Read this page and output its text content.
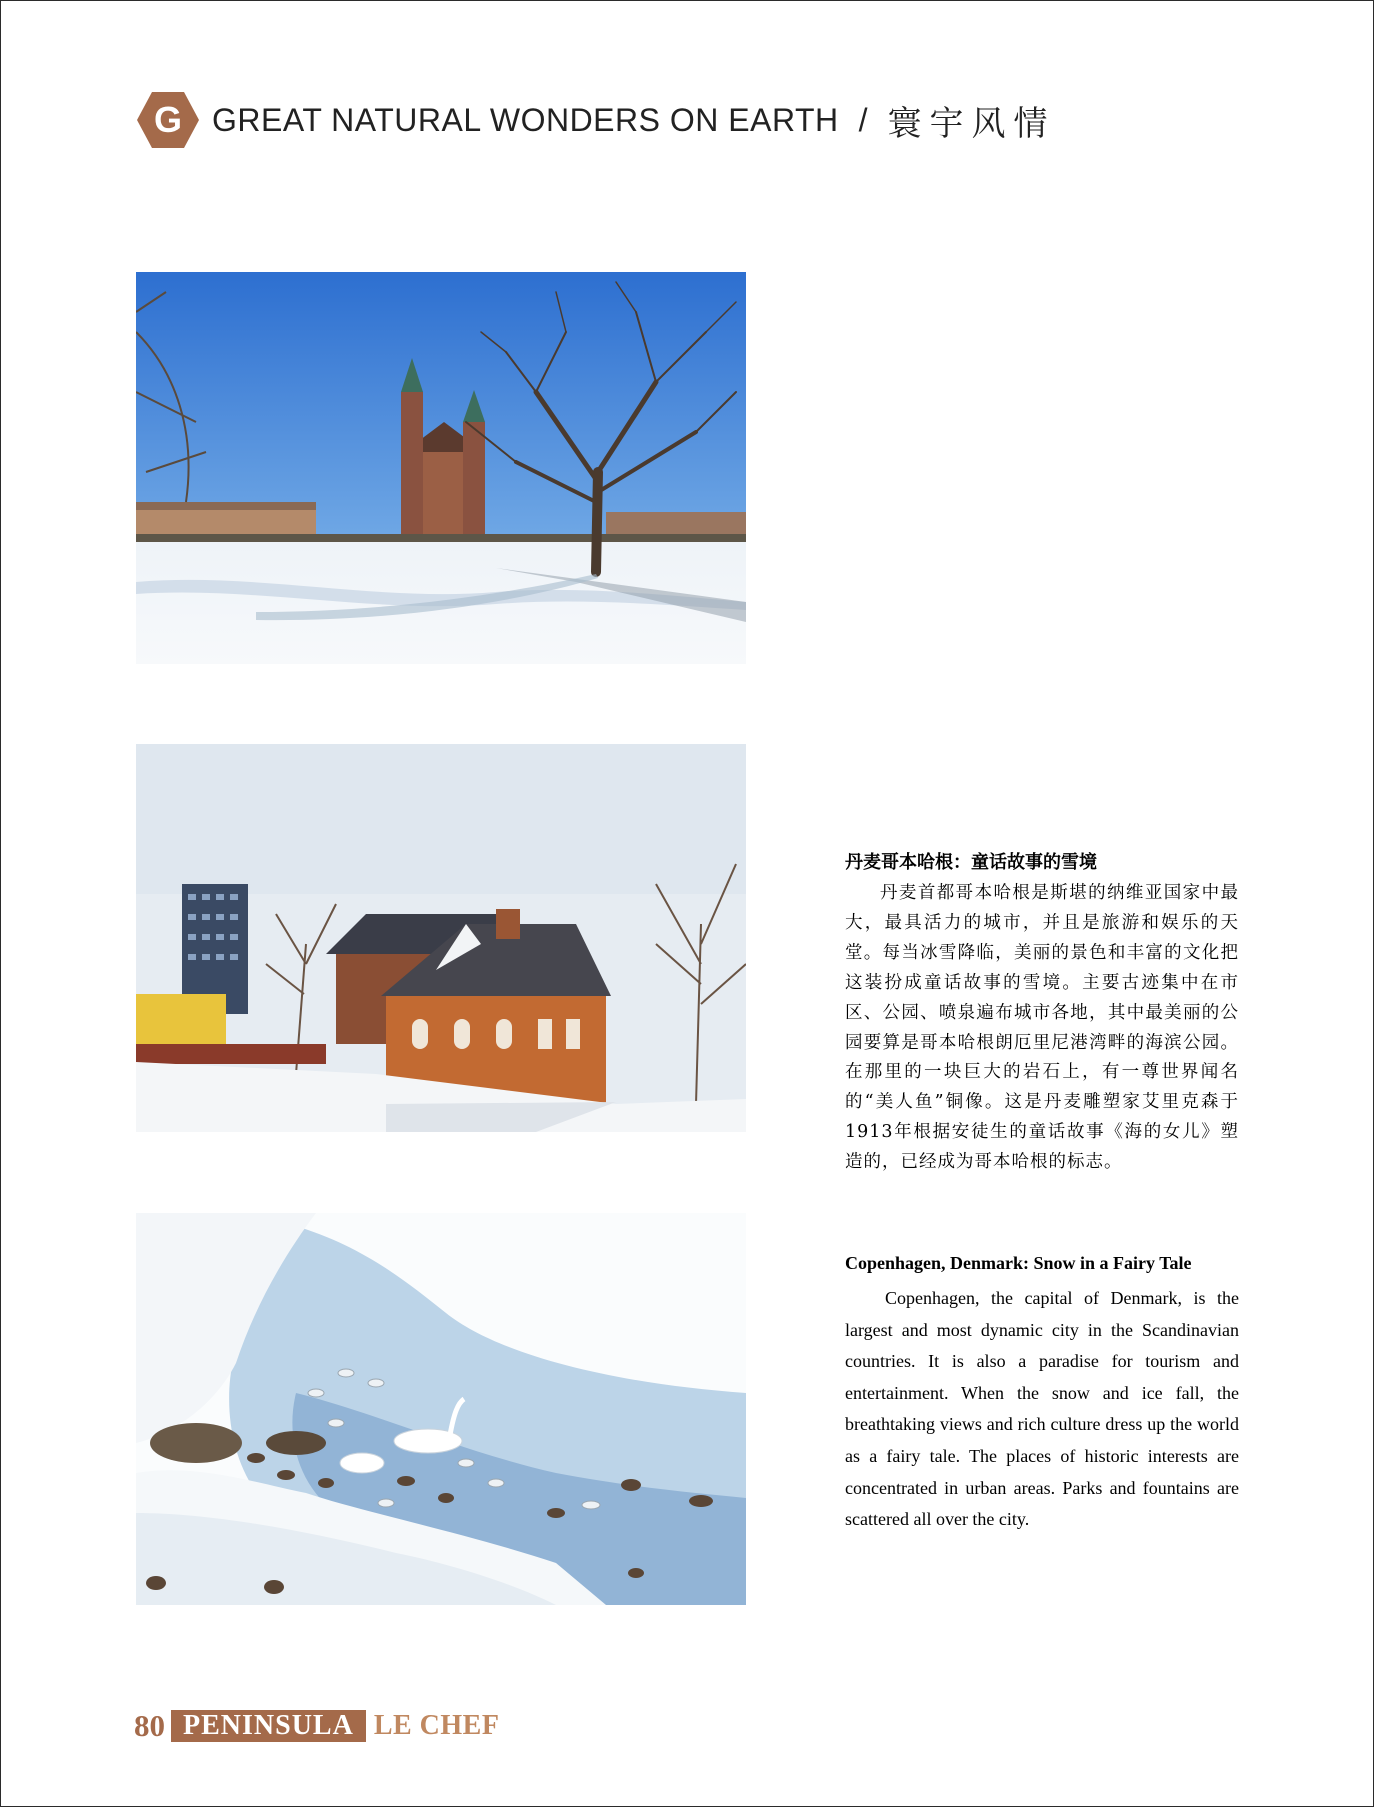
G GREAT NATURAL WONDERS ON EARTH / 寰宇风情
丹麦哥本哈根：童话故事的雪境
丹麦首都哥本哈根是斯堪的纳维亚国家中最大，最具活力的城市，并且是旅游和娱乐的天堂。每当冰雪降临，美丽的景色和丰富的文化把这装扮成童话故事的雪境。主要古迹集中在市区、公园、喷泉遍布城市各地，其中最美丽的公园要算是哥本哈根朗厄里尼港湾畔的海滨公园。在那里的一块巨大的岩石上，有一尊世界闻名的“美人鱼”铜像。这是丹麦雕塑家艾里克森于1913年根据安徒生的童话故事《海的女儿》塑造的，已经成为哥本哈根的标志。
Copenhagen, Denmark: Snow in a Fairy Tale
Copenhagen, the capital of Denmark, is the largest and most dynamic city in the Scandinavian countries. It is also a paradise for tourism and entertainment. When the snow and ice fall, the breathtaking views and rich culture dress up the world as a fairy tale. The places of historic interests are concentrated in urban areas. Parks and fountains are scattered all over the city.
80 PENINSULA LE CHEF
